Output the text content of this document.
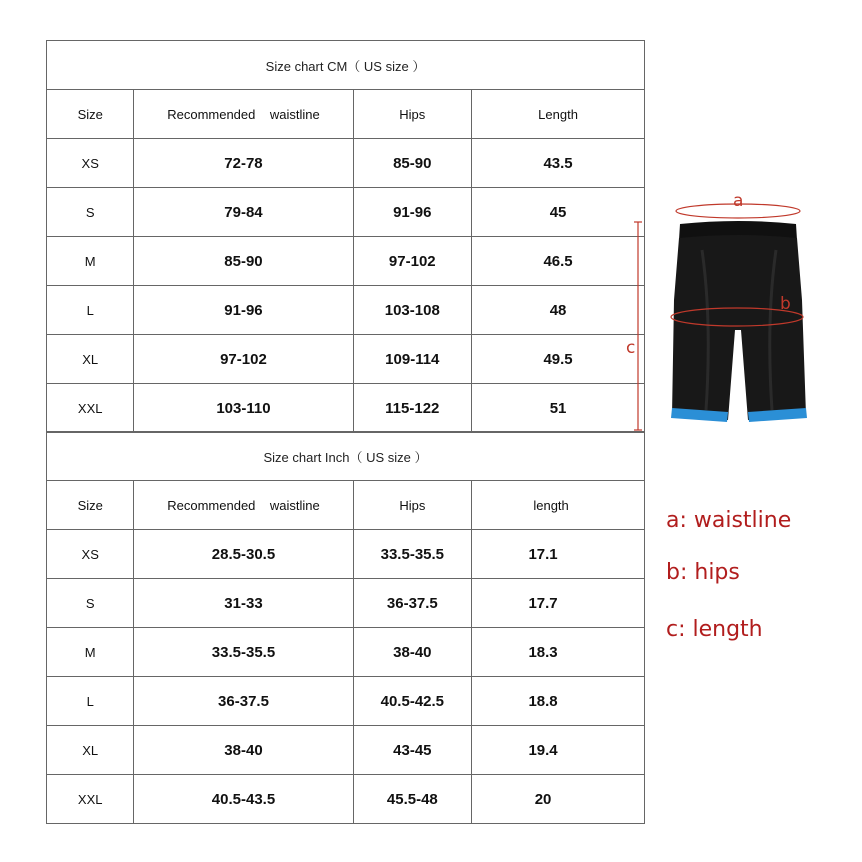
Size chart CM（ US size ）			
Size	Recommended    waistline	Hips	Length
XS	72-78	85-90	43.5
S	79-84	91-96	45
M	85-90	97-102	46.5
L	91-96	103-108	48
XL	97-102	109-114	49.5
XXL	103-110	115-122	51
Size chart Inch（ US size ）			
Size	Recommended    waistline	Hips	length
XS	28.5-30.5	33.5-35.5	17.1
S	31-33	36-37.5	17.7
M	33.5-35.5	38-40	18.3
L	36-37.5	40.5-42.5	18.8
XL	38-40	43-45	19.4
XXL	40.5-43.5	45.5-48	20
c
a
b
a: waistline
b: hips
c: length
